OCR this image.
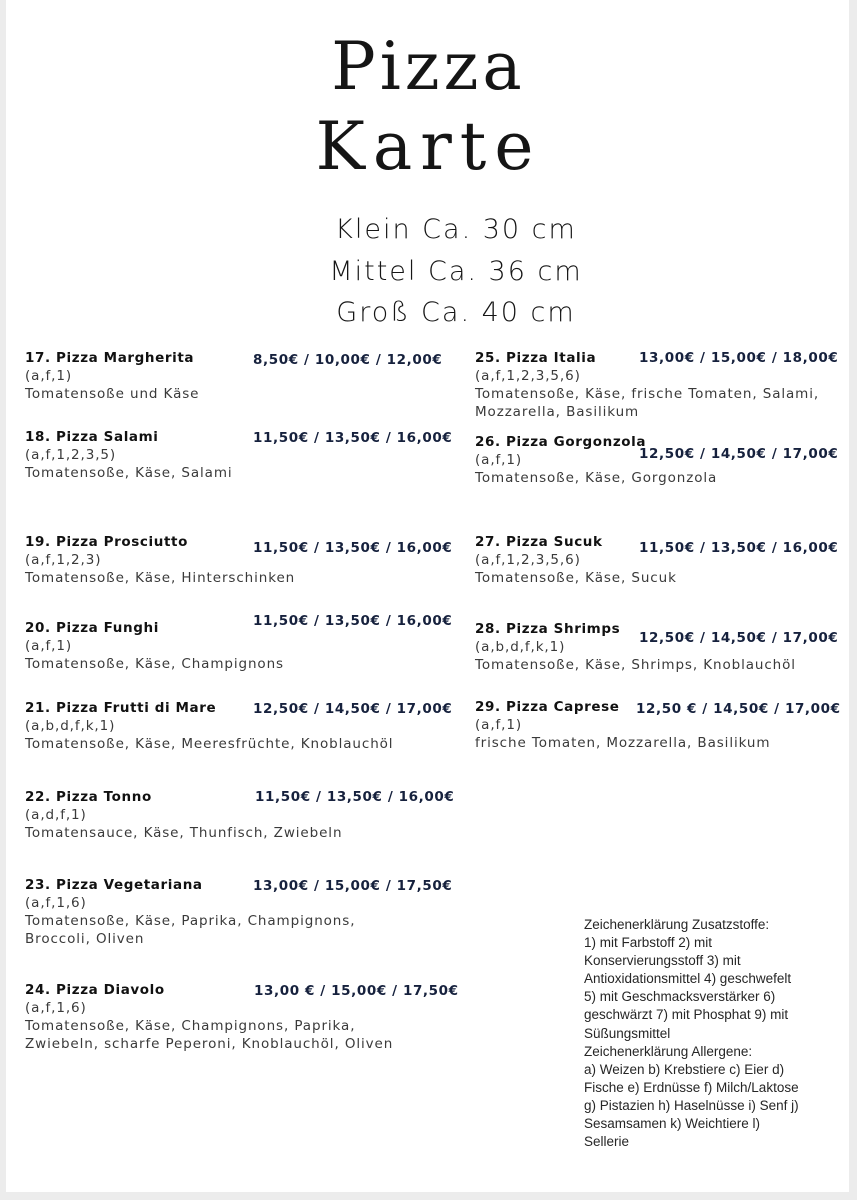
Pizza
Karte
Klein Ca. 30 cm
Mittel Ca. 36 cm
Groß Ca. 40 cm
17. Pizza Margherita
(a,f,1)
Tomatensoße und Käse
8,50€ / 10,00€ / 12,00€
18. Pizza Salami
(a,f,1,2,3,5)
Tomatensoße, Käse, Salami
11,50€ / 13,50€ / 16,00€
19. Pizza Prosciutto
(a,f,1,2,3)
Tomatensoße, Käse, Hinterschinken
11,50€ / 13,50€ / 16,00€
20. Pizza Funghi
(a,f,1)
Tomatensoße, Käse, Champignons
11,50€ / 13,50€ / 16,00€
21. Pizza Frutti di Mare
(a,b,d,f,k,1)
Tomatensoße, Käse, Meeresfrüchte, Knoblauchöl
12,50€ / 14,50€ / 17,00€
22. Pizza Tonno
(a,d,f,1)
Tomatensauce, Käse, Thunfisch, Zwiebeln
11,50€ / 13,50€ / 16,00€
23. Pizza Vegetariana
(a,f,1,6)
Tomatensoße, Käse, Paprika, Champignons,
Broccoli, Oliven
13,00€ / 15,00€ / 17,50€
24. Pizza Diavolo
(a,f,1,6)
Tomatensoße, Käse, Champignons, Paprika,
Zwiebeln, scharfe Peperoni, Knoblauchöl, Oliven
13,00 € / 15,00€ / 17,50€
25. Pizza Italia
(a,f,1,2,3,5,6)
Tomatensoße, Käse, frische Tomaten, Salami,
Mozzarella, Basilikum
13,00€ / 15,00€ / 18,00€
26. Pizza Gorgonzola
(a,f,1)
Tomatensoße, Käse, Gorgonzola
12,50€ / 14,50€ / 17,00€
27. Pizza Sucuk
(a,f,1,2,3,5,6)
Tomatensoße, Käse, Sucuk
11,50€ / 13,50€ / 16,00€
28. Pizza Shrimps
(a,b,d,f,k,1)
Tomatensoße, Käse, Shrimps, Knoblauchöl
12,50€ / 14,50€ / 17,00€
29. Pizza Caprese
(a,f,1)
frische Tomaten, Mozzarella, Basilikum
12,50 € / 14,50€ / 17,00€
Zeichenerklärung Zusatzstoffe:
1) mit Farbstoff 2) mit
Konservierungsstoff 3) mit
Antioxidationsmittel 4) geschwefelt
5) mit Geschmacksverstärker 6)
geschwärzt 7) mit Phosphat 9) mit
Süßungsmittel
Zeichenerklärung Allergene:
a) Weizen b) Krebstiere c) Eier d)
Fische e) Erdnüsse f) Milch/Laktose
g) Pistazien h) Haselnüsse i) Senf j)
Sesamsamen k) Weichtiere l)
Sellerie
